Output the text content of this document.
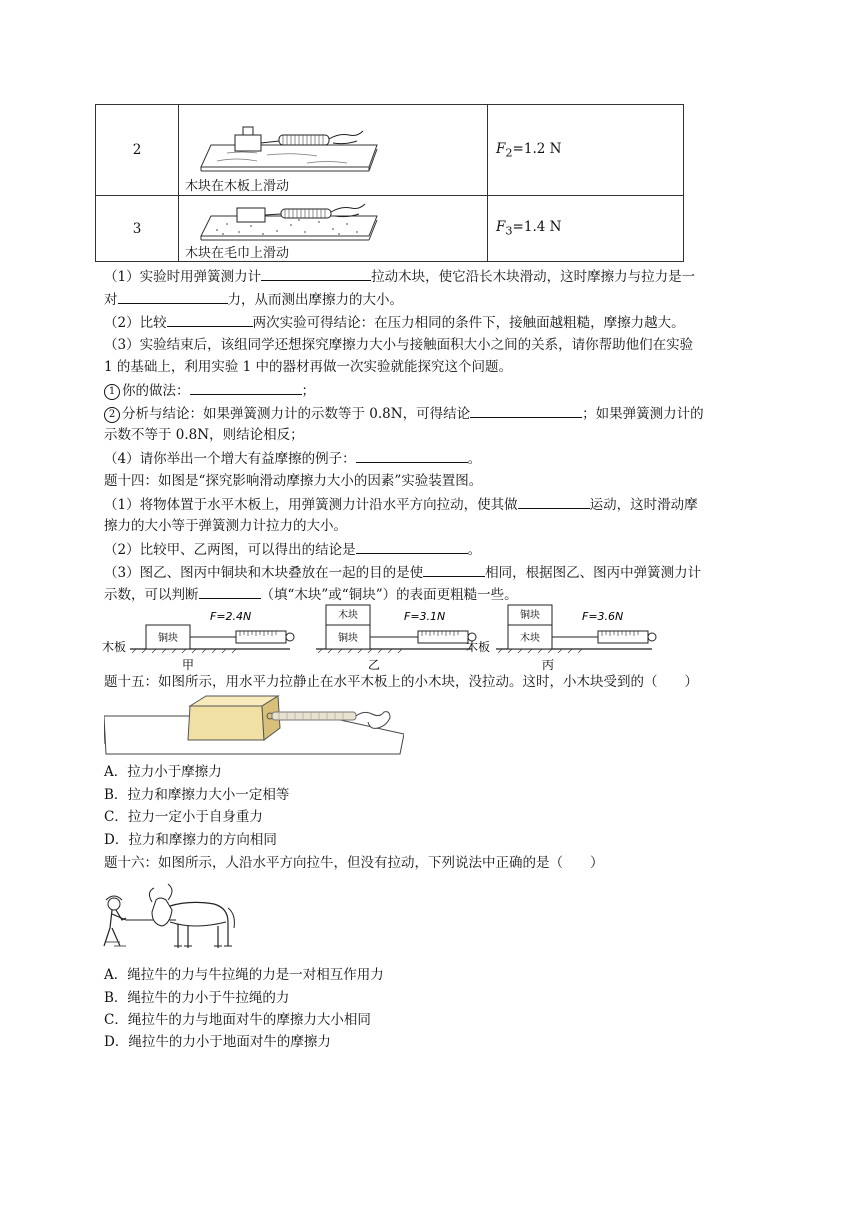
2	木块在木板上滑动	$F_2=1.2$ N
3	木块在毛巾上滑动	$F_3=1.4$ N
（1）实验时用弹簧测力计	拉动木块，使它沿长木块滑动，这时摩擦力与拉力是一
对	力，从而测出摩擦力的大小。
（2）比较	两次实验可得结论：在压力相同的条件下，接触面越粗糙，摩擦力越大。
（3）实验结束后，该组同学还想探究摩擦力大小与接触面积大小之间的关系，请你帮助他们在实验
1 的基础上，利用实验 1 中的器材再做一次实验就能探究这个问题。
1 你的做法：	；
2 分析与结论：如果弹簧测力计的示数等于 0.8N，可得结论	；如果弹簧测力计的
示数不等于 0.8N，则结论相反；
（4）请你举出一个增大有益摩擦的例子：	。
题十四：如图是“探究影响滑动摩擦力大小的因素”实验装置图。
（1）将物体置于水平木板上，用弹簧测力计沿水平方向拉动，使其做	运动，这时滑动摩
擦力的大小等于弹簧测力计拉力的大小。
（2）比较甲、乙两图，可以得出的结论是	。
（3）图乙、图丙中铜块和木块叠放在一起的目的是使	相同，根据图乙、图丙中弹簧测力计
示数，可以判断	（填“木块”或“铜块”）的表面更粗糙一些。
木板
铜块
F=2.4N
甲
木块
铜块
F=3.1N
乙
木板
铜块
木块
F=3.6N
丙
题十五：如图所示，用水平力拉静止在水平木板上的小木块，没拉动。这时，小木块受到的（　　）
A．拉力小于摩擦力
B．拉力和摩擦力大小一定相等
C．拉力一定小于自身重力
D．拉力和摩擦力的方向相同
题十六：如图所示，人沿水平方向拉牛，但没有拉动，下列说法中正确的是（　　）
A．绳拉牛的力与牛拉绳的力是一对相互作用力
B．绳拉牛的力小于牛拉绳的力
C．绳拉牛的力与地面对牛的摩擦力大小相同
D．绳拉牛的力小于地面对牛的摩擦力
